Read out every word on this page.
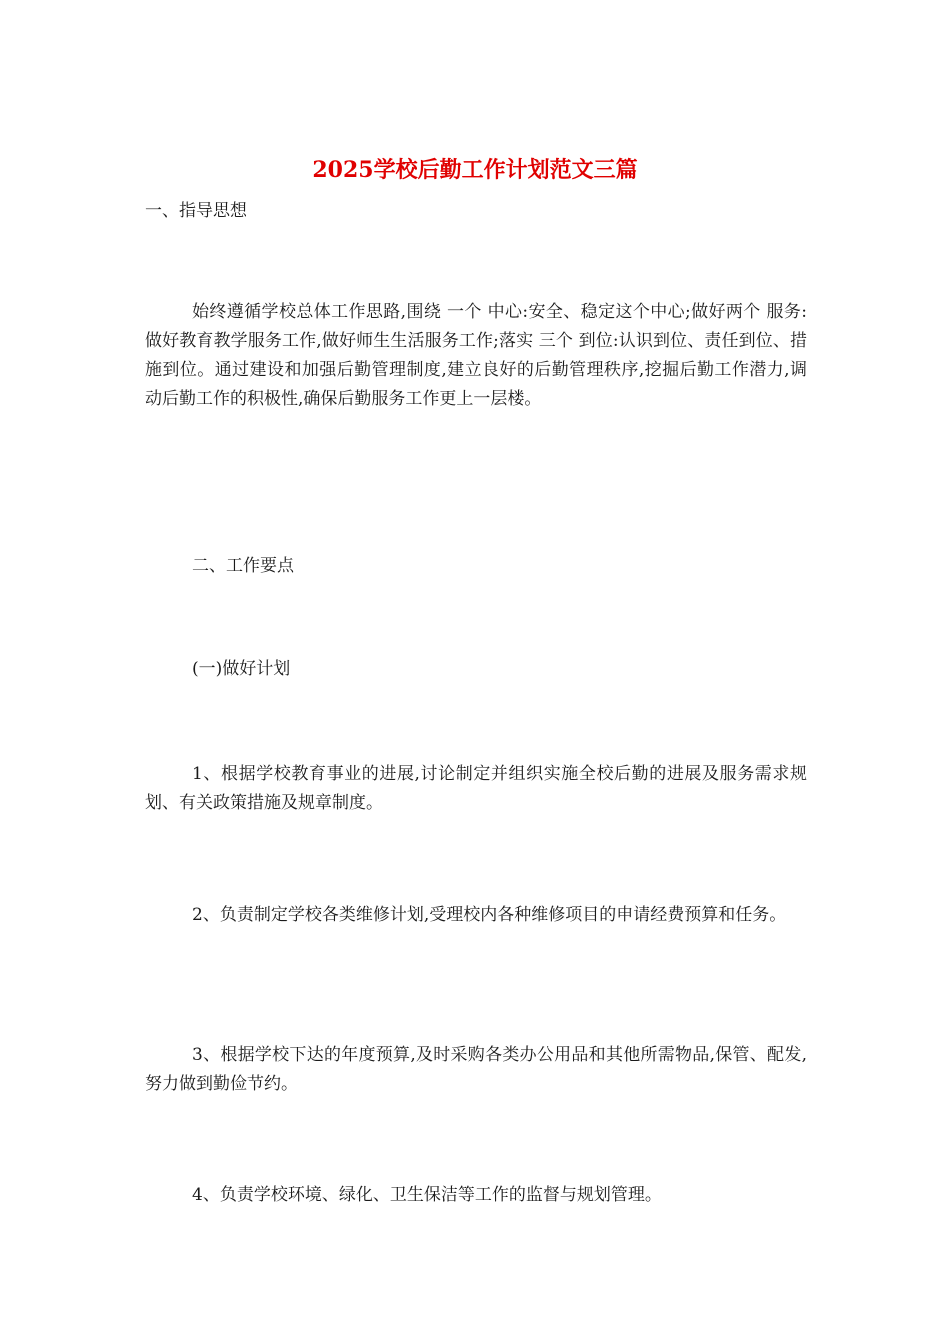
2025学校后勤工作计划范文三篇
一、指导思想
始终遵循学校总体工作思路,围绕 一个 中心:安全、稳定这个中心;做好两个 服务:做好教育教学服务工作,做好师生生活服务工作;落实 三个 到位:认识到位、责任到位、措施到位。通过建设和加强后勤管理制度,建立良好的后勤管理秩序,挖掘后勤工作潜力,调动后勤工作的积极性,确保后勤服务工作更上一层楼。
二、工作要点
(一)做好计划
1、根据学校教育事业的进展,讨论制定并组织实施全校后勤的进展及服务需求规划、有关政策措施及规章制度。
2、负责制定学校各类维修计划,受理校内各种维修项目的申请经费预算和任务。
3、根据学校下达的年度预算,及时采购各类办公用品和其他所需物品,保管、配发,努力做到勤俭节约。
4、负责学校环境、绿化、卫生保洁等工作的监督与规划管理。
